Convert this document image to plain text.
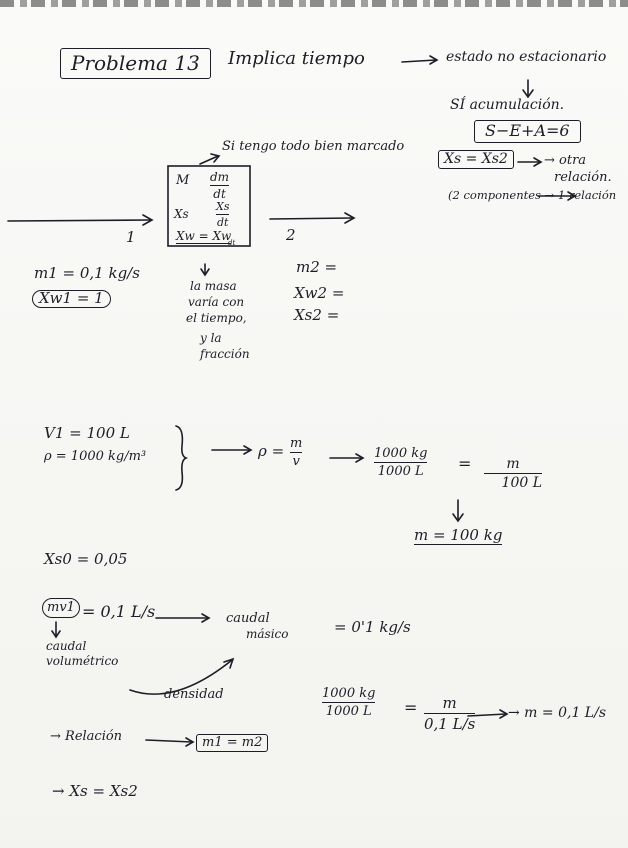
Problema 13	Implica tiempo	estado no estacionario
SÍ acumulación.
S−E+A=6
Xs = Xs2	→ otra
relación.
(2 componentes → 1 relación
Si tengo todo bien marcado
M dm
dt
Xs
Xs
dt
Xw = Xw
dt
1	2
m1 = 0,1 kg/s
Xw1 = 1
m2 =
Xw2 =
Xs2 =
la masa
varía con
el tiempo,
y la
fracción
V1 = 100 L
ρ = 1000 kg/m³	ρ = m
v
1000 kg
1000 L = m
100 L
m = 100 kg
Xs0 = 0,05
mv1 = 0,1 L/s	caudal
másico	= 0'1 kg/s
caudal
volumétrico
densidad	1000 kg
1000 L = m
0,1 L/s
→ m = 0,1 L/s
→ Relación	m1 = m2
→ Xs = Xs2
